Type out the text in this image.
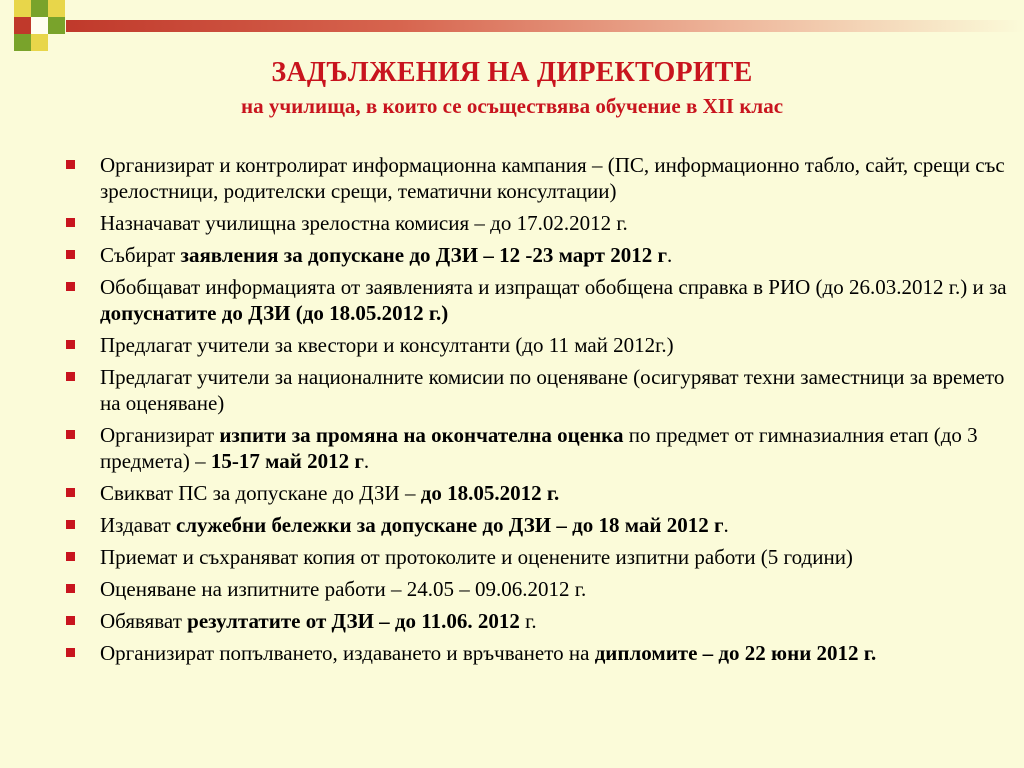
ЗАДЪЛЖЕНИЯ НА ДИРЕКТОРИТЕ
на училища, в които се осъществява обучение в XII клас
Организират и контролират информационна кампания – (ПС, информационно табло, сайт, срещи със зрелостници, родителски срещи, тематични консултации)
Назначават училищна зрелостна комисия – до 17.02.2012 г.
Събират заявления за допускане до ДЗИ – 12 -23 март 2012 г.
Обобщават информацията от заявленията и изпращат обобщена справка в РИО (до 26.03.2012 г.) и за допуснатите до ДЗИ (до 18.05.2012 г.)
Предлагат учители за квестори и консултанти (до 11 май 2012г.)
Предлагат учители за националните комисии по оценяване (осигуряват техни заместници за времето на оценяване)
Организират изпити за промяна на окончателна оценка по предмет от гимназиалния етап (до 3 предмета) – 15-17 май 2012 г.
Свикват ПС за допускане до ДЗИ – до 18.05.2012 г.
Издават служебни бележки за допускане до ДЗИ – до 18 май 2012 г.
Приемат и съхраняват копия от протоколите и оценените изпитни работи (5 години)
Оценяване на изпитните работи – 24.05 – 09.06.2012 г.
Обявяват резултатите от ДЗИ – до 11.06. 2012 г.
Организират попълването, издаването и връчването на дипломите – до 22 юни 2012 г.
